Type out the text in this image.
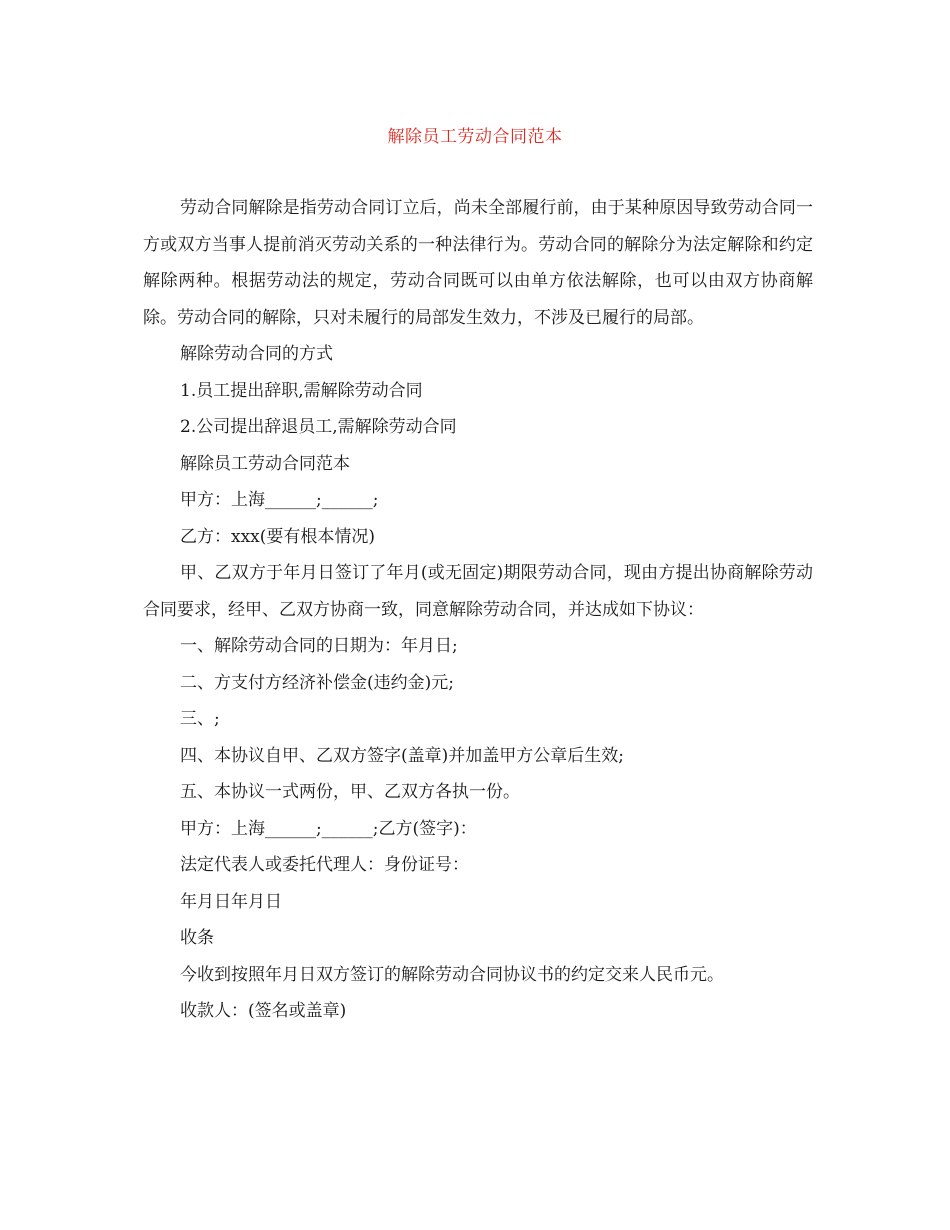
解除员工劳动合同范本

劳动合同解除是指劳动合同订立后，尚未全部履行前，由于某种原因导致劳动合同一方或双方当事人提前消灭劳动关系的一种法律行为。劳动合同的解除分为法定解除和约定解除两种。根据劳动法的规定，劳动合同既可以由单方依法解除，也可以由双方协商解除。劳动合同的解除，只对未履行的局部发生效力，不涉及已履行的局部。

解除劳动合同的方式

1.员工提出辞职,需解除劳动合同

2.公司提出辞退员工,需解除劳动合同

解除员工劳动合同范本

甲方：上海______;______;

乙方：xxx(要有根本情况)

甲、乙双方于年月日签订了年月(或无固定)期限劳动合同，现由方提出协商解除劳动合同要求，经甲、乙双方协商一致，同意解除劳动合同，并达成如下协议：

一、解除劳动合同的日期为：年月日;

二、方支付方经济补偿金(违约金)元;

三、;

四、本协议自甲、乙双方签字(盖章)并加盖甲方公章后生效;

五、本协议一式两份，甲、乙双方各执一份。

甲方：上海______;______;乙方(签字)：

法定代表人或委托代理人：身份证号：

年月日年月日

收条

今收到按照年月日双方签订的解除劳动合同协议书的约定交来人民币元。

收款人：(签名或盖章)
